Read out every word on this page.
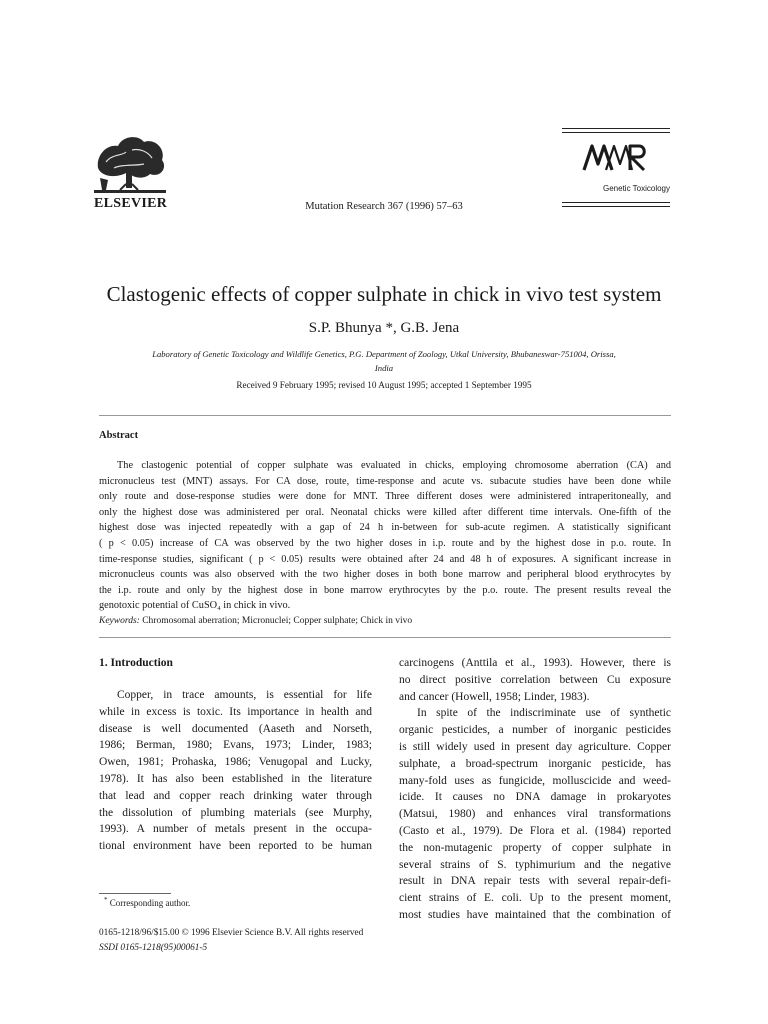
ELSEVIER	Mutation Research 367 (1996) 57–63
Genetic Toxicology
Clastogenic effects of copper sulphate in chick in vivo test system
S.P. Bhunya *, G.B. Jena
Laboratory of Genetic Toxicology and Wildlife Genetics, P.G. Department of Zoology, Utkal University, Bhubaneswar-751004, Orissa,
India
Received 9 February 1995; revised 10 August 1995; accepted 1 September 1995
Abstract
The clastogenic potential of copper sulphate was evaluated in chicks, employing chromosome aberration (CA) and
micronucleus test (MNT) assays. For CA dose, route, time-response and acute vs. subacute studies have been done while
only route and dose-response studies were done for MNT. Three different doses were administered intraperitoneally, and
only the highest dose was administered per oral. Neonatal chicks were killed after different time intervals. One-fifth of the
highest dose was injected repeatedly with a gap of 24 h in-between for sub-acute regimen. A statistically significant
( p < 0.05) increase of CA was observed by the two higher doses in i.p. route and by the highest dose in p.o. route. In
time-response studies, significant ( p < 0.05) results were obtained after 24 and 48 h of exposures. A significant increase in
micronucleus counts was also observed with the two higher doses in both bone marrow and peripheral blood erythrocytes by
the i.p. route and only by the highest dose in bone marrow erythrocytes by the p.o. route. The present results reveal the
genotoxic potential of CuSO₄ in chick in vivo.
Keywords: Chromosomal aberration; Micronuclei; Copper sulphate; Chick in vivo
1. Introduction
Copper, in trace amounts, is essential for life
while in excess is toxic. Its importance in health and
disease is well documented (Aaseth and Norseth,
1986; Berman, 1980; Evans, 1973; Linder, 1983;
Owen, 1981; Prohaska, 1986; Venugopal and Lucky,
1978). It has also been established in the literature
that lead and copper reach drinking water through
the dissolution of plumbing materials (see Murphy,
1993). A number of metals present in the occupa-
tional environment have been reported to be human
carcinogens (Anttila et al., 1993). However, there is
no direct positive correlation between Cu exposure
and cancer (Howell, 1958; Linder, 1983).
In spite of the indiscriminate use of synthetic
organic pesticides, a number of inorganic pesticides
is still widely used in present day agriculture. Copper
sulphate, a broad-spectrum inorganic pesticide, has
many-fold uses as fungicide, molluscicide and weed-
icide. It causes no DNA damage in prokaryotes
(Matsui, 1980) and enhances viral transformations
(Casto et al., 1979). De Flora et al. (1984) reported
the non-mutagenic property of copper sulphate in
several strains of S. typhimurium and the negative
result in DNA repair tests with several repair-defi-
cient strains of E. coli. Up to the present moment,
most studies have maintained that the combination of
* Corresponding author.
0165-1218/96/$15.00 © 1996 Elsevier Science B.V. All rights reserved
SSDI 0165-1218(95)00061-5
